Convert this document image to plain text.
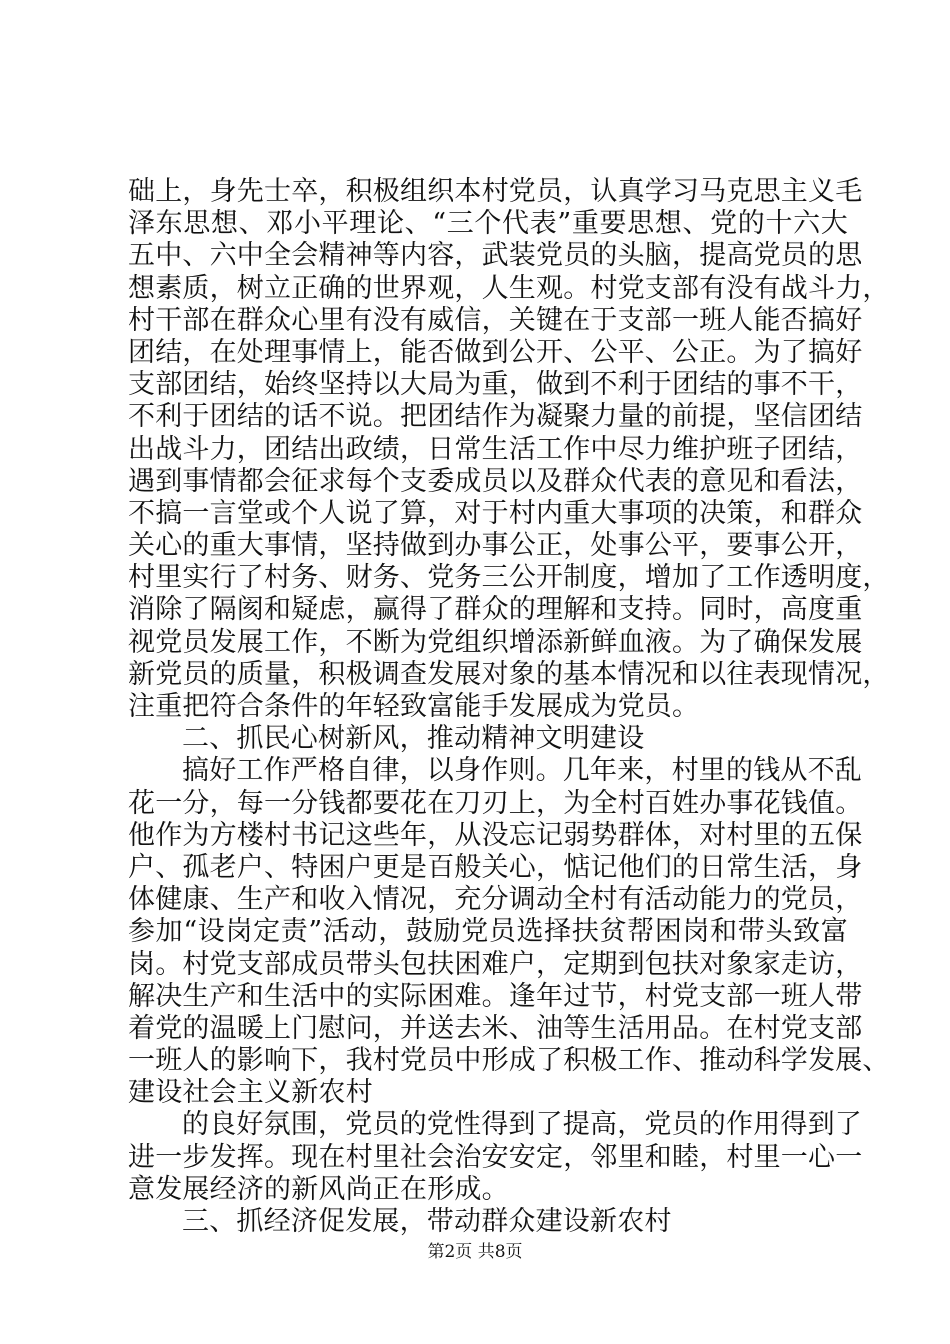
础上，身先士卒，积极组织本村党员，认真学习马克思主义毛
泽东思想、邓小平理论、“三个代表”重要思想、党的十六大
五中、六中全会精神等内容，武装党员的头脑，提高党员的思
想素质，树立正确的世界观，人生观。村党支部有没有战斗力，
村干部在群众心里有没有威信，关键在于支部一班人能否搞好
团结，在处理事情上，能否做到公开、公平、公正。为了搞好
支部团结，始终坚持以大局为重，做到不利于团结的事不干，
不利于团结的话不说。把团结作为凝聚力量的前提，坚信团结
出战斗力，团结出政绩，日常生活工作中尽力维护班子团结，
遇到事情都会征求每个支委成员以及群众代表的意见和看法，
不搞一言堂或个人说了算，对于村内重大事项的决策，和群众
关心的重大事情，坚持做到办事公正，处事公平，要事公开，
村里实行了村务、财务、党务三公开制度，增加了工作透明度，
消除了隔阂和疑虑，赢得了群众的理解和支持。同时，高度重
视党员发展工作，不断为党组织增添新鲜血液。为了确保发展
新党员的质量，积极调查发展对象的基本情况和以往表现情况，
注重把符合条件的年轻致富能手发展成为党员。
二、抓民心树新风，推动精神文明建设
搞好工作严格自律，以身作则。几年来，村里的钱从不乱
花一分，每一分钱都要花在刀刃上，为全村百姓办事花钱值。
他作为方楼村书记这些年，从没忘记弱势群体，对村里的五保
户、孤老户、特困户更是百般关心，惦记他们的日常生活，身
体健康、生产和收入情况，充分调动全村有活动能力的党员，
参加“设岗定责”活动，鼓励党员选择扶贫帮困岗和带头致富
岗。村党支部成员带头包扶困难户，定期到包扶对象家走访，
解决生产和生活中的实际困难。逢年过节，村党支部一班人带
着党的温暖上门慰问，并送去米、油等生活用品。在村党支部
一班人的影响下，我村党员中形成了积极工作、推动科学发展、
建设社会主义新农村
的良好氛围，党员的党性得到了提高，党员的作用得到了
进一步发挥。现在村里社会治安安定，邻里和睦，村里一心一
意发展经济的新风尚正在形成。
三、抓经济促发展，带动群众建设新农村
第2页 共8页
